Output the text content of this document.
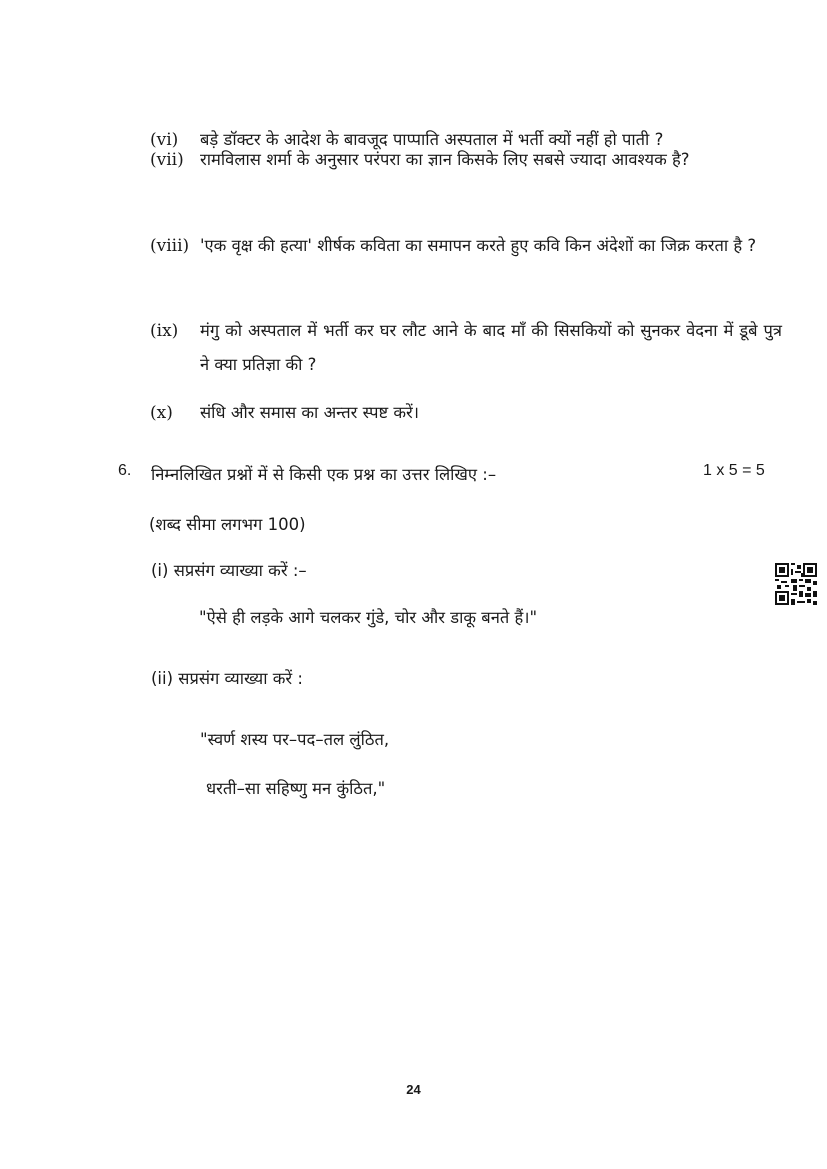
(vi) बड़े डॉक्टर के आदेश के बावजूद पाप्पाति अस्पताल में भर्ती क्यों नहीं हो पाती ?
(vii) रामविलास शर्मा के अनुसार परंपरा का ज्ञान किसके लिए सबसे ज्यादा आवश्यक है?
(viii) 'एक वृक्ष की हत्या' शीर्षक कविता का समापन करते हुए कवि किन अंदेशों का जिक्र करता है ?
(ix) मंगु को अस्पताल में भर्ती कर घर लौट आने के बाद माँ की सिसकियों को सुनकर वेदना में डूबे पुत्र ने क्या प्रतिज्ञा की ?
(x) संधि और समास का अन्तर स्पष्ट करें।
6. निम्नलिखित प्रश्नों में से किसी एक प्रश्न का उत्तर लिखिए :–	1 x 5 = 5
(शब्द सीमा लगभग 100)
(i) सप्रसंग व्याख्या करें :–
"ऐसे ही लड़के आगे चलकर गुंडे, चोर और डाकू बनते हैं।"
(ii) सप्रसंग व्याख्या करें :
"स्वर्ण शस्य पर–पद–तल लुंठित,
धरती–सा सहिष्णु मन कुंठित,"
24
